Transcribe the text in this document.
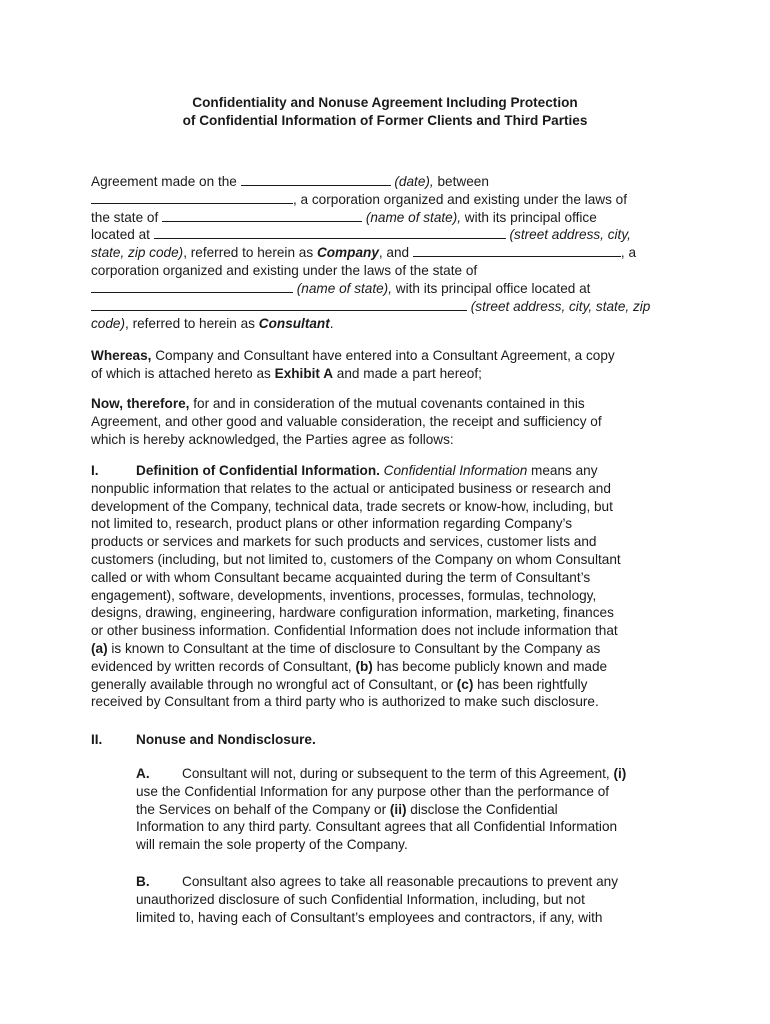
Confidentiality and Nonuse Agreement Including Protection
of Confidential Information of Former Clients and Third Parties
Agreement made on the	(date), between
, a corporation organized and existing under the laws of
the state of	(name of state), with its principal office
located at	(street address, city,
state, zip code), referred to herein as Company, and	, a
corporation organized and existing under the laws of the state of
(name of state), with its principal office located at
(street address, city, state, zip
code), referred to herein as Consultant.
Whereas, Company and Consultant have entered into a Consultant Agreement, a copy
of which is attached hereto as Exhibit A and made a part hereof;
Now, therefore, for and in consideration of the mutual covenants contained in this
Agreement, and other good and valuable consideration, the receipt and sufficiency of
which is hereby acknowledged, the Parties agree as follows:
I.	Definition of Confidential Information. Confidential Information means any
nonpublic information that relates to the actual or anticipated business or research and
development of the Company, technical data, trade secrets or know-how, including, but
not limited to, research, product plans or other information regarding Company’s
products or services and markets for such products and services, customer lists and
customers (including, but not limited to, customers of the Company on whom Consultant
called or with whom Consultant became acquainted during the term of Consultant’s
engagement), software, developments, inventions, processes, formulas, technology,
designs, drawing, engineering, hardware configuration information, marketing, finances
or other business information. Confidential Information does not include information that
(a) is known to Consultant at the time of disclosure to Consultant by the Company as
evidenced by written records of Consultant, (b) has become publicly known and made
generally available through no wrongful act of Consultant, or (c) has been rightfully
received by Consultant from a third party who is authorized to make such disclosure.
II. Nonuse and Nondisclosure.
A. Consultant will not, during or subsequent to the term of this Agreement, (i)
use the Confidential Information for any purpose other than the performance of
the Services on behalf of the Company or (ii) disclose the Confidential
Information to any third party. Consultant agrees that all Confidential Information
will remain the sole property of the Company.
B. Consultant also agrees to take all reasonable precautions to prevent any
unauthorized disclosure of such Confidential Information, including, but not
limited to, having each of Consultant’s employees and contractors, if any, with
